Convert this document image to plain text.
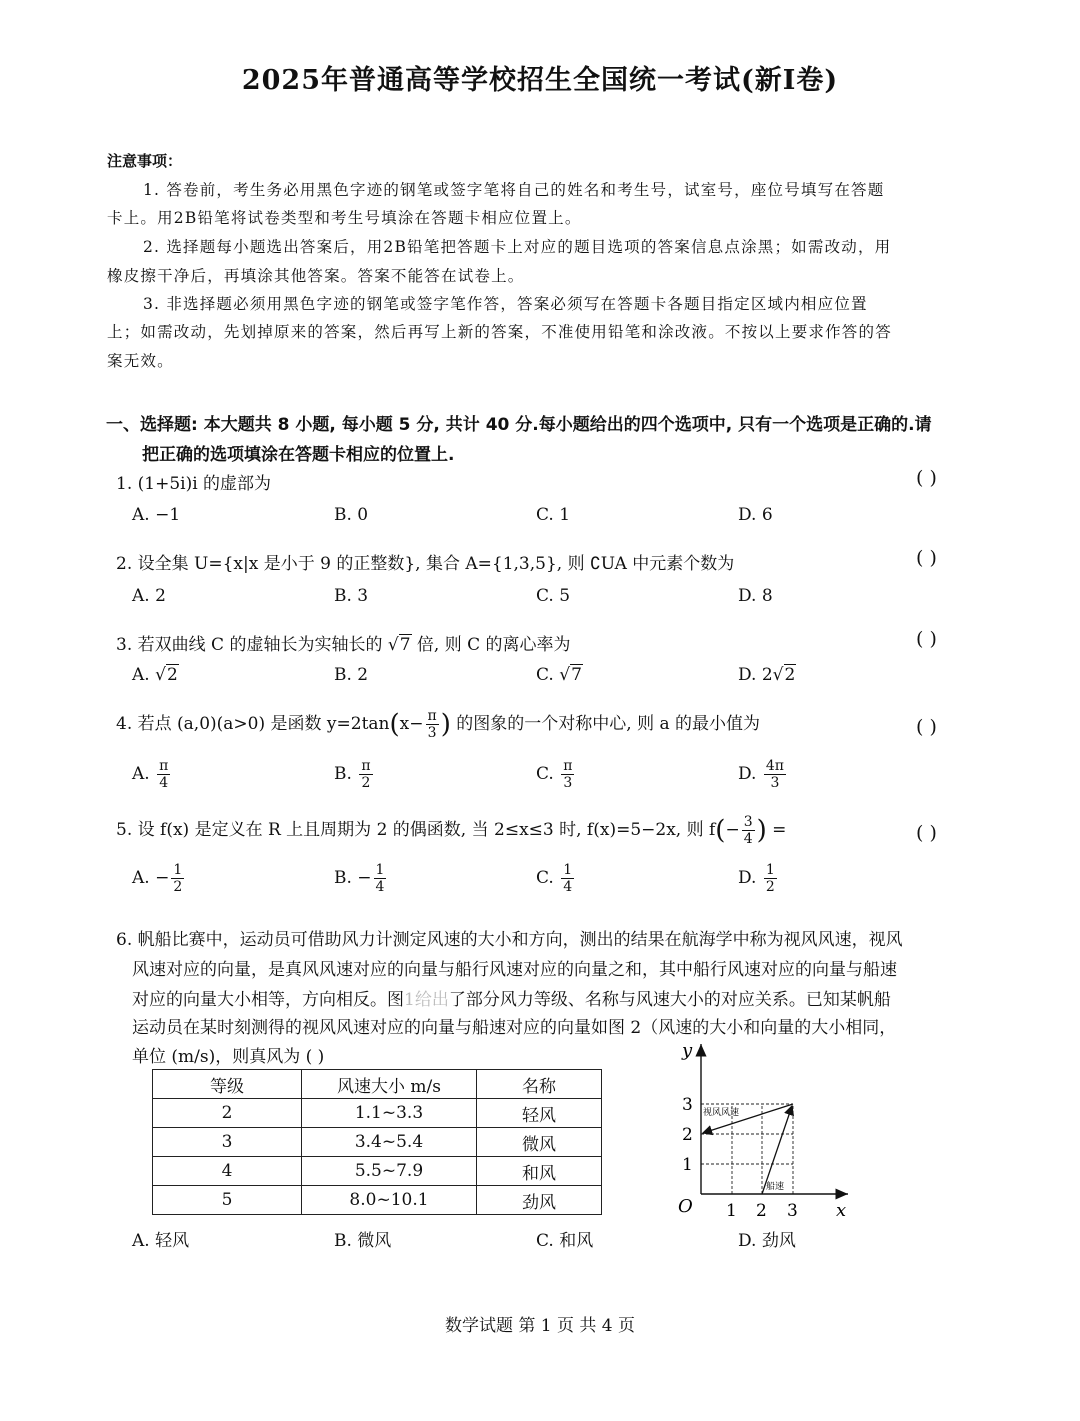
2025年普通高等学校招生全国统一考试(新I卷)
注意事项：
1. 答卷前，考生务必用黑色字迹的钢笔或签字笔将自己的姓名和考生号，试室号，座位号填写在答题
卡上。用2B铅笔将试卷类型和考生号填涂在答题卡相应位置上。
2. 选择题每小题选出答案后，用2B铅笔把答题卡上对应的题目选项的答案信息点涂黑；如需改动，用
橡皮擦干净后，再填涂其他答案。答案不能答在试卷上。
3. 非选择题必须用黑色字迹的钢笔或签字笔作答，答案必须写在答题卡各题目指定区域内相应位置
上；如需改动，先划掉原来的答案，然后再写上新的答案，不准使用铅笔和涂改液。不按以上要求作答的答
案无效。
一、选择题: 本大题共 8 小题, 每小题 5 分, 共计 40 分.每小题给出的四个选项中, 只有一个选项是正确的.请
把正确的选项填涂在答题卡相应的位置上.
1. (1+5i)i 的虚部为	( )
A. −1	B. 0	C. 1	D. 6
2. 设全集 U={x|x 是小于 9 的正整数}, 集合 A={1,3,5}, 则 ∁UA 中元素个数为	( )
A. 2	B. 3	C. 5	D. 8
3. 若双曲线 C 的虚轴长为实轴长的 √7 倍, 则 C 的离心率为	( )
A. √2	B. 2	C. √7	D. 2√2
4. 若点 (a,0)(a>0) 是函数 $y=2\tan(x- \frac{\pi}{3}$ ) 的图象的一个对称中心, 则 a 的最小值为	( )
A. $\frac{\pi}{4}$	B. $\frac{\pi}{2}$	C. $\frac{\pi}{3}$	D. $\frac{4\pi}{3}$
5. 设 f(x) 是定义在 R 上且周期为 2 的偶函数, 当 2≤x≤3 时, f(x)=5−2x, 则 $f(- \frac{3}{4}$ ) =	( )
A. − $\frac{1}{2}$	B. − $\frac{1}{4}$	C. $\frac{1}{4}$	D. $\frac{1}{2}$
6. 帆船比赛中，运动员可借助风力计测定风速的大小和方向，测出的结果在航海学中称为视风风速，视风
风速对应的向量，是真风风速对应的向量与船行风速对应的向量之和，其中船行风速对应的向量与船速
对应的向量大小相等，方向相反。图1给出了部分风力等级、名称与风速大小的对应关系。已知某帆船
运动员在某时刻测得的视风风速对应的向量与船速对应的向量如图 2（风速的大小和向量的大小相同，
单位 (m/s)，则真风为 ( )
等级	风速大小 m/s	名称
2	1.1~3.3	轻风
3	3.4~5.4	微风
4	5.5~7.9	和风
5	8.0~10.1	劲风
y
x
O 1 2 3
1
2
3 视风风速
船速
A. 轻风	B. 微风	C. 和风	D. 劲风
数学试题 第 1 页 共 4 页
